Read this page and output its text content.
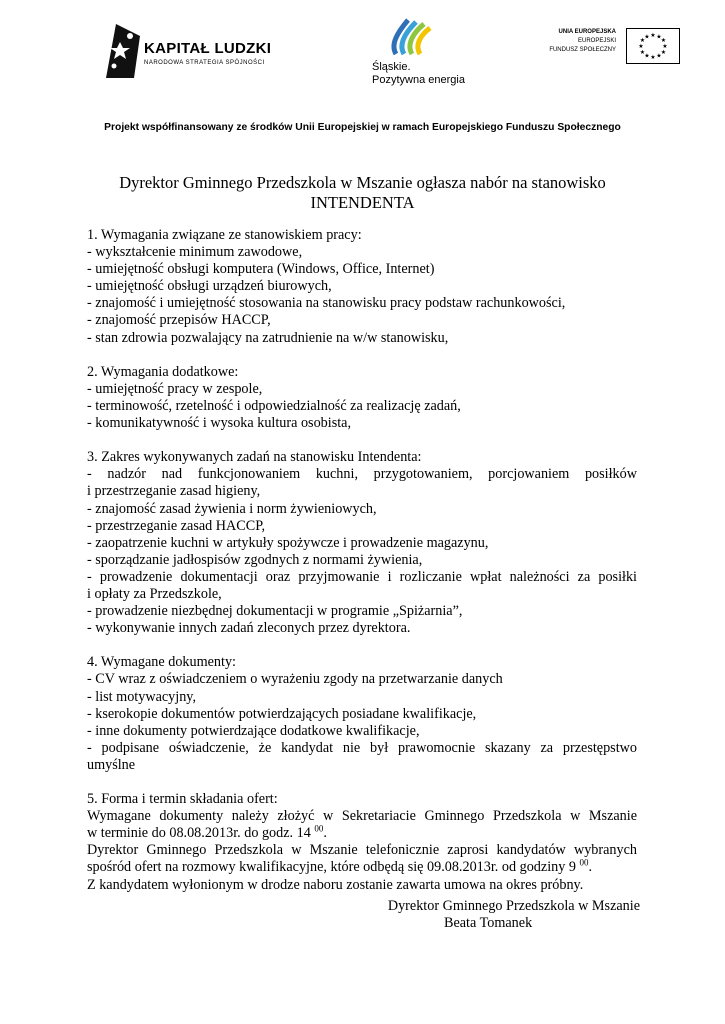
KAPITAŁ LUDZKI
NARODOWA STRATEGIA SPÓJNOŚCI	Śląskie.
Pozytywna energia
UNIA EUROPEJSKA
EUROPEJSKI
FUNDUSZ SPOŁECZNY
★ ★ ★
★
★
★
★
★
★
★
★ ★
Projekt współfinansowany ze środków Unii Europejskiej w ramach Europejskiego Funduszu Społecznego
Dyrektor Gminnego Przedszkola w Mszanie ogłasza nabór na stanowisko
INTENDENTA
1. Wymagania związane ze stanowiskiem pracy:
- wykształcenie minimum zawodowe,
- umiejętność obsługi komputera (Windows, Office, Internet)
- umiejętność obsługi urządzeń biurowych,
- znajomość i umiejętność stosowania na stanowisku pracy podstaw rachunkowości,
- znajomość przepisów HACCP,
- stan zdrowia pozwalający na zatrudnienie na w/w stanowisku,
2. Wymagania dodatkowe:
- umiejętność pracy w zespole,
- terminowość, rzetelność i odpowiedzialność za realizację zadań,
- komunikatywność i wysoka kultura osobista,
3. Zakres wykonywanych zadań na stanowisku Intendenta:
- nadzór nad funkcjonowaniem kuchni, przygotowaniem, porcjowaniem posiłków
i przestrzeganie zasad higieny,
- znajomość zasad żywienia i norm żywieniowych,
- przestrzeganie zasad HACCP,
- zaopatrzenie kuchni w artykuły spożywcze i prowadzenie magazynu,
- sporządzanie jadłospisów zgodnych z normami żywienia,
- prowadzenie dokumentacji oraz przyjmowanie i rozliczanie wpłat należności za posiłki
i opłaty za Przedszkole,
- prowadzenie niezbędnej dokumentacji w programie „Spiżarnia”,
- wykonywanie innych zadań zleconych przez dyrektora.
4. Wymagane dokumenty:
- CV wraz z oświadczeniem o wyrażeniu zgody na przetwarzanie danych
- list motywacyjny,
- kserokopie dokumentów potwierdzających posiadane kwalifikacje,
- inne dokumenty potwierdzające dodatkowe kwalifikacje,
- podpisane oświadczenie, że kandydat nie był prawomocnie skazany za przestępstwo
umyślne
5. Forma i termin składania ofert:
Wymagane dokumenty należy złożyć w Sekretariacie Gminnego Przedszkola w Mszanie
w terminie do 08.08.2013r. do godz. 14 $^{00}$.
Dyrektor Gminnego Przedszkola w Mszanie telefonicznie zaprosi kandydatów wybranych
spośród ofert na rozmowy kwalifikacyjne, które odbędą się 09.08.2013r. od godziny 9 $^{00}$.
Z kandydatem wyłonionym w drodze naboru zostanie zawarta umowa na okres próbny.
Dyrektor Gminnego Przedszkola w Mszanie
Beata Tomanek
